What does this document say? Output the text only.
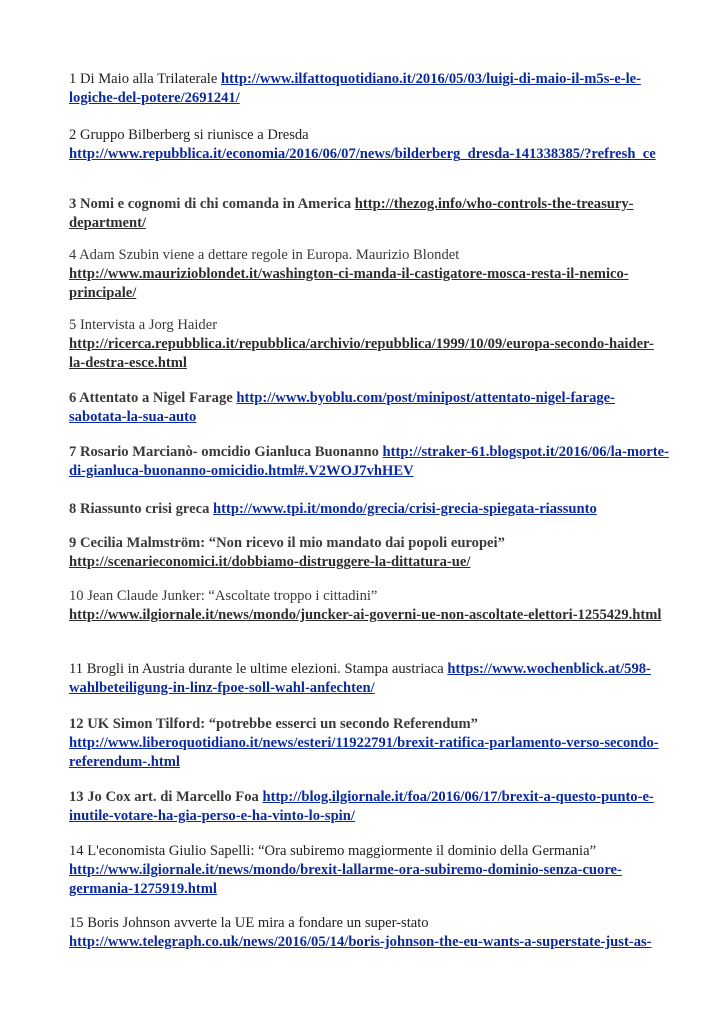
1 Di Maio alla Trilaterale http://www.ilfattoquotidiano.it/2016/05/03/luigi-di-maio-il-m5s-e-le-logiche-del-potere/2691241/
2 Gruppo Bilberberg si riunisce a Dresda
http://www.repubblica.it/economia/2016/06/07/news/bilderberg_dresda-141338385/?refresh_ce
3 Nomi e cognomi di chi comanda in America http://thezog.info/who-controls-the-treasury-department/
4 Adam Szubin viene a dettare regole in Europa. Maurizio Blondet
http://www.maurizioblondet.it/washington-ci-manda-il-castigatore-mosca-resta-il-nemico-principale/
5 Intervista a Jorg Haider
http://ricerca.repubblica.it/repubblica/archivio/repubblica/1999/10/09/europa-secondo-haider-la-destra-esce.html
6 Attentato a Nigel Farage http://www.byoblu.com/post/minipost/attentato-nigel-farage-sabotata-la-sua-auto
7 Rosario Marcianò- omcidio Gianluca Buonanno http://straker-61.blogspot.it/2016/06/la-morte-di-gianluca-buonanno-omicidio.html#.V2WOJ7vhHEV
8 Riassunto crisi greca http://www.tpi.it/mondo/grecia/crisi-grecia-spiegata-riassunto
9 Cecilia Malmström: “Non ricevo il mio mandato dai popoli europei”
http://scenarieconomici.it/dobbiamo-distruggere-la-dittatura-ue/
10 Jean Claude Junker: “Ascoltate troppo i cittadini”
http://www.ilgiornale.it/news/mondo/juncker-ai-governi-ue-non-ascoltate-elettori-1255429.html
11 Brogli in Austria durante le ultime elezioni. Stampa austriaca https://www.wochenblick.at/598-wahlbeteiligung-in-linz-fpoe-soll-wahl-anfechten/
12 UK Simon Tilford: “potrebbe esserci un secondo Referendum”
http://www.liberoquotidiano.it/news/esteri/11922791/brexit-ratifica-parlamento-verso-secondo-referendum-.html
13 Jo Cox art. di Marcello Foa http://blog.ilgiornale.it/foa/2016/06/17/brexit-a-questo-punto-e-inutile-votare-ha-gia-perso-e-ha-vinto-lo-spin/
14 L'economista Giulio Sapelli: “Ora subiremo maggiormente il dominio della Germania”
http://www.ilgiornale.it/news/mondo/brexit-lallarme-ora-subiremo-dominio-senza-cuore-germania-1275919.html
15 Boris Johnson avverte la UE mira a fondare un super-stato
http://www.telegraph.co.uk/news/2016/05/14/boris-johnson-the-eu-wants-a-superstate-just-as-
